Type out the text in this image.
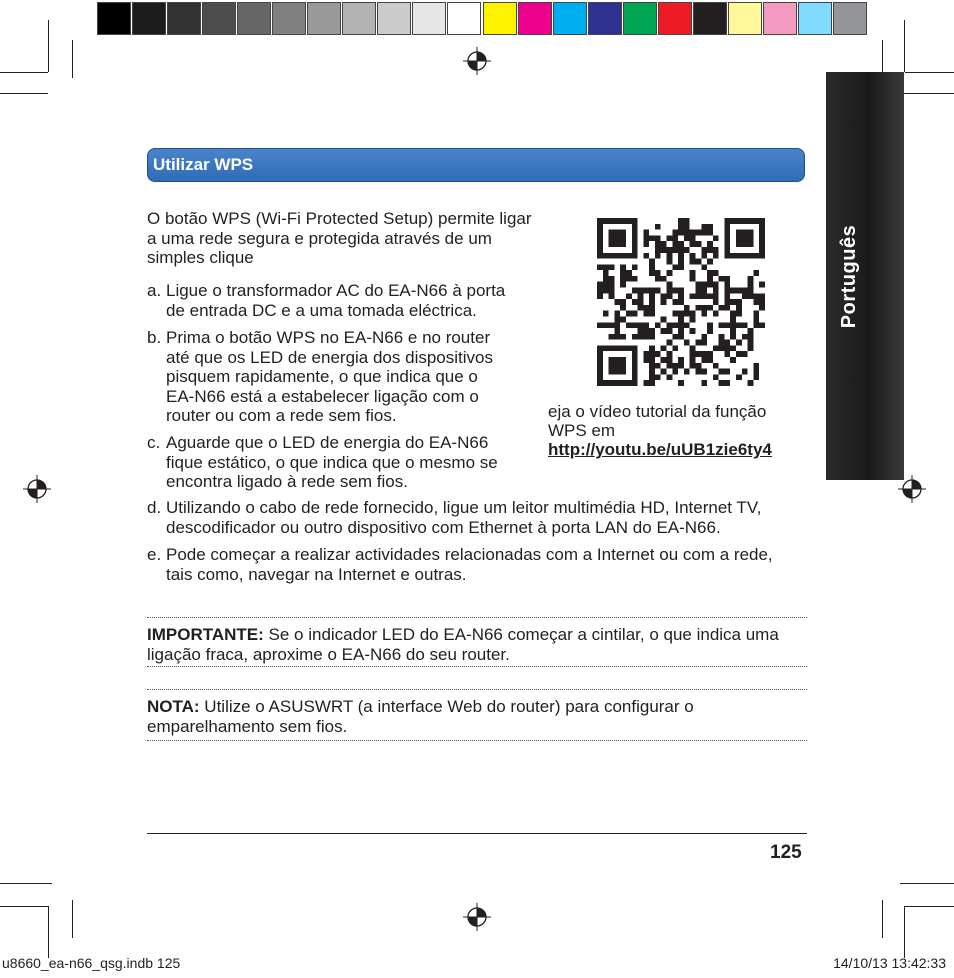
Português
Utilizar WPS
O botão WPS (Wi-Fi Protected Setup) permite ligar a uma rede segura e protegida através de um simples clique
a. Ligue o transformador AC do EA-N66 à porta
de entrada DC e a uma tomada eléctrica.
b. Prima o botão WPS no EA-N66 e no router
até que os LED de energia dos dispositivos
pisquem rapidamente, o que indica que o
EA-N66 está a estabelecer ligação com o
router ou com a rede sem fios.
c. Aguarde que o LED de energia do EA-N66
fique estático, o que indica que o mesmo se
encontra ligado à rede sem fios.
d. Utilizando o cabo de rede fornecido, ligue um leitor multimédia HD, Internet TV,
descodificador ou outro dispositivo com Ethernet à porta LAN do EA-N66.
e. Pode começar a realizar actividades relacionadas com a Internet ou com a rede,
tais como, navegar na Internet e outras.
eja o vídeo tutorial da função
WPS em
http://youtu.be/uUB1zie6ty4
IMPORTANTE: Se o indicador LED do EA-N66 começar a cintilar, o que indica uma
ligação fraca, aproxime o EA-N66 do seu router.
NOTA: Utilize o ASUSWRT (a interface Web do router) para configurar o
emparelhamento sem fios.
125
u8660_ea-n66_qsg.indb 125	14/10/13 13:42:33
